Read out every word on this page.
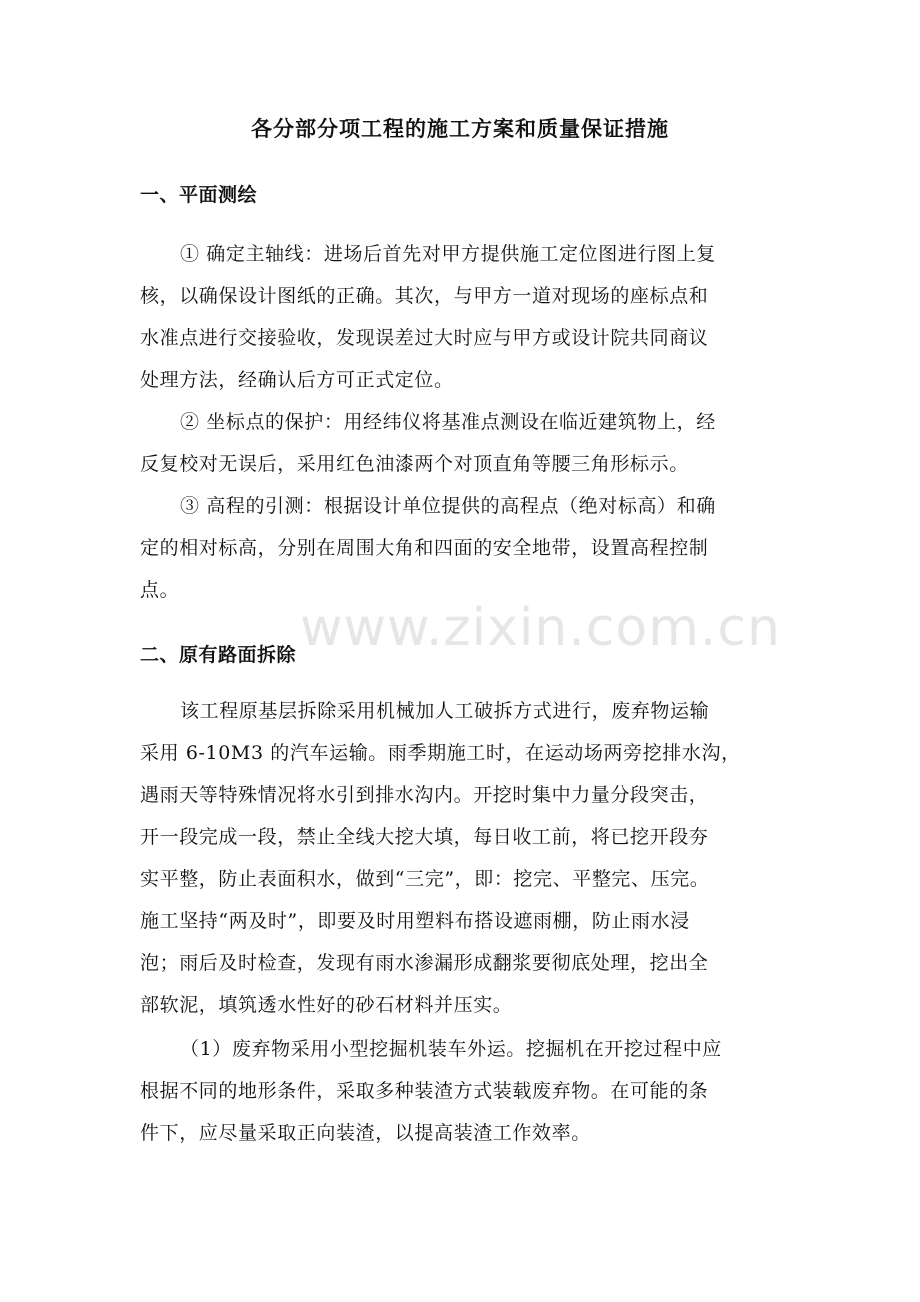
www.zixin.com.cn
各分部分项工程的施工方案和质量保证措施
一、平面测绘
① 确定主轴线：进场后首先对甲方提供施工定位图进行图上复
核，以确保设计图纸的正确。其次，与甲方一道对现场的座标点和
水准点进行交接验收，发现误差过大时应与甲方或设计院共同商议
处理方法，经确认后方可正式定位。
② 坐标点的保护：用经纬仪将基准点测设在临近建筑物上，经
反复校对无误后，采用红色油漆两个对顶直角等腰三角形标示。
③ 高程的引测：根据设计单位提供的高程点（绝对标高）和确
定的相对标高，分别在周围大角和四面的安全地带，设置高程控制
点。
二、原有路面拆除
该工程原基层拆除采用机械加人工破拆方式进行，废弃物运输
采用 6-10M3 的汽车运输。雨季期施工时，在运动场两旁挖排水沟，
遇雨天等特殊情况将水引到排水沟内。开挖时集中力量分段突击，
开一段完成一段，禁止全线大挖大填，每日收工前，将已挖开段夯
实平整，防止表面积水，做到“三完”，即：挖完、平整完、压完。
施工坚持“两及时”，即要及时用塑料布搭设遮雨棚，防止雨水浸
泡；雨后及时检查，发现有雨水渗漏形成翻浆要彻底处理，挖出全
部软泥，填筑透水性好的砂石材料并压实。
（1）废弃物采用小型挖掘机装车外运。挖掘机在开挖过程中应
根据不同的地形条件，采取多种装渣方式装载废弃物。在可能的条
件下，应尽量采取正向装渣，以提高装渣工作效率。
